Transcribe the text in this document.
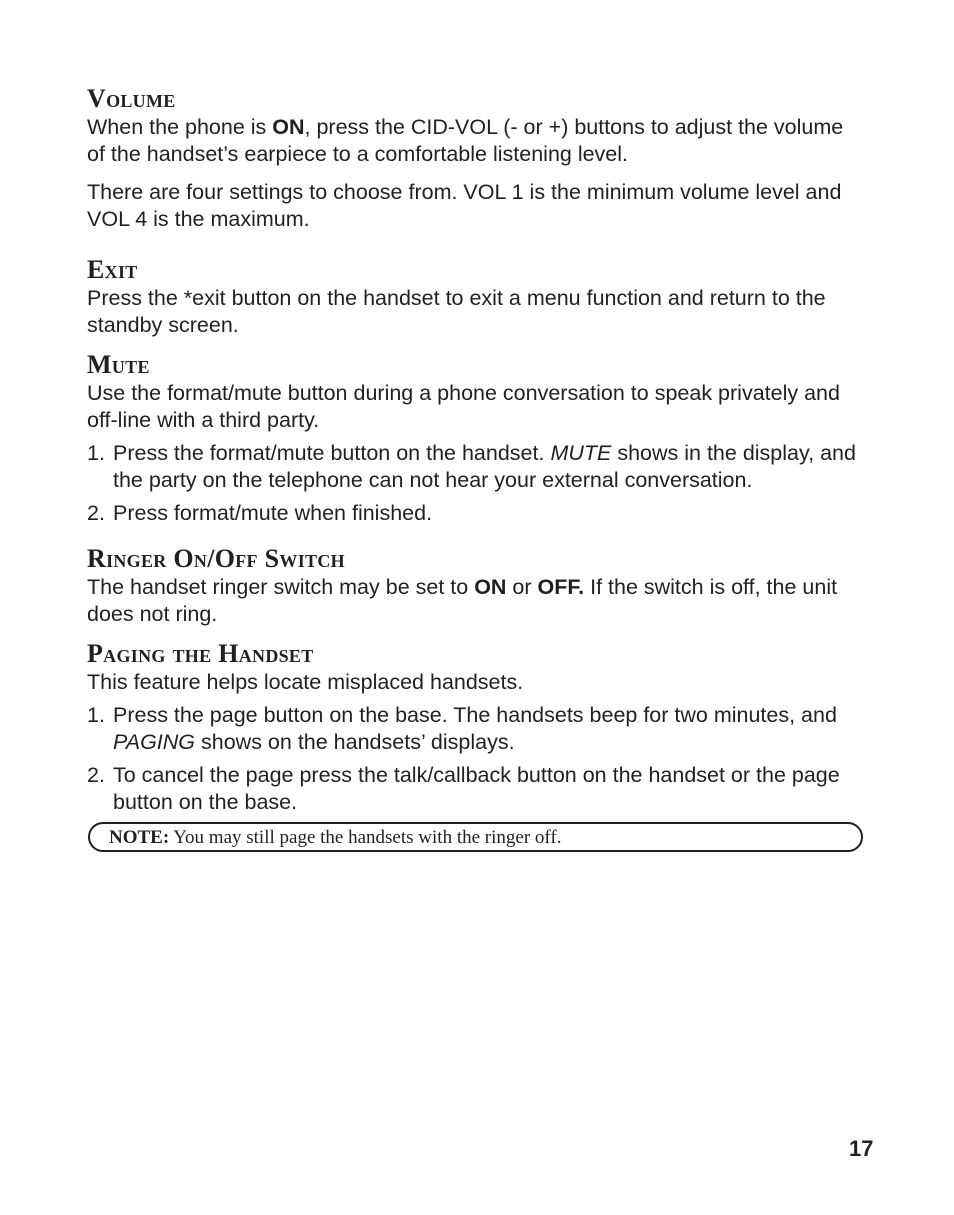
Volume

When the phone is ON, press the CID-VOL (- or +) buttons to adjust the volume of the handset’s earpiece to a comfortable listening level.

There are four settings to choose from. VOL 1 is the minimum volume level and VOL 4 is the maximum.

Exit

Press the *exit button on the handset to exit a menu function and return to the standby screen.

Mute

Use the format/mute button during a phone conversation to speak privately and off-line with a third party.

1. Press the format/mute button on the handset. MUTE shows in the display, and the party on the telephone can not hear your external conversation.
2. Press format/mute when finished.
Ringer On/Off Switch

The handset ringer switch may be set to ON or OFF. If the switch is off, the unit does not ring.

Paging the Handset

This feature helps locate misplaced handsets.

1. Press the page button on the base. The handsets beep for two minutes, and PAGING shows on the handsets’ displays.
2. To cancel the page press the talk/callback button on the handset or the page button on the base.
NOTE: You may still page the handsets with the ringer off.
17
